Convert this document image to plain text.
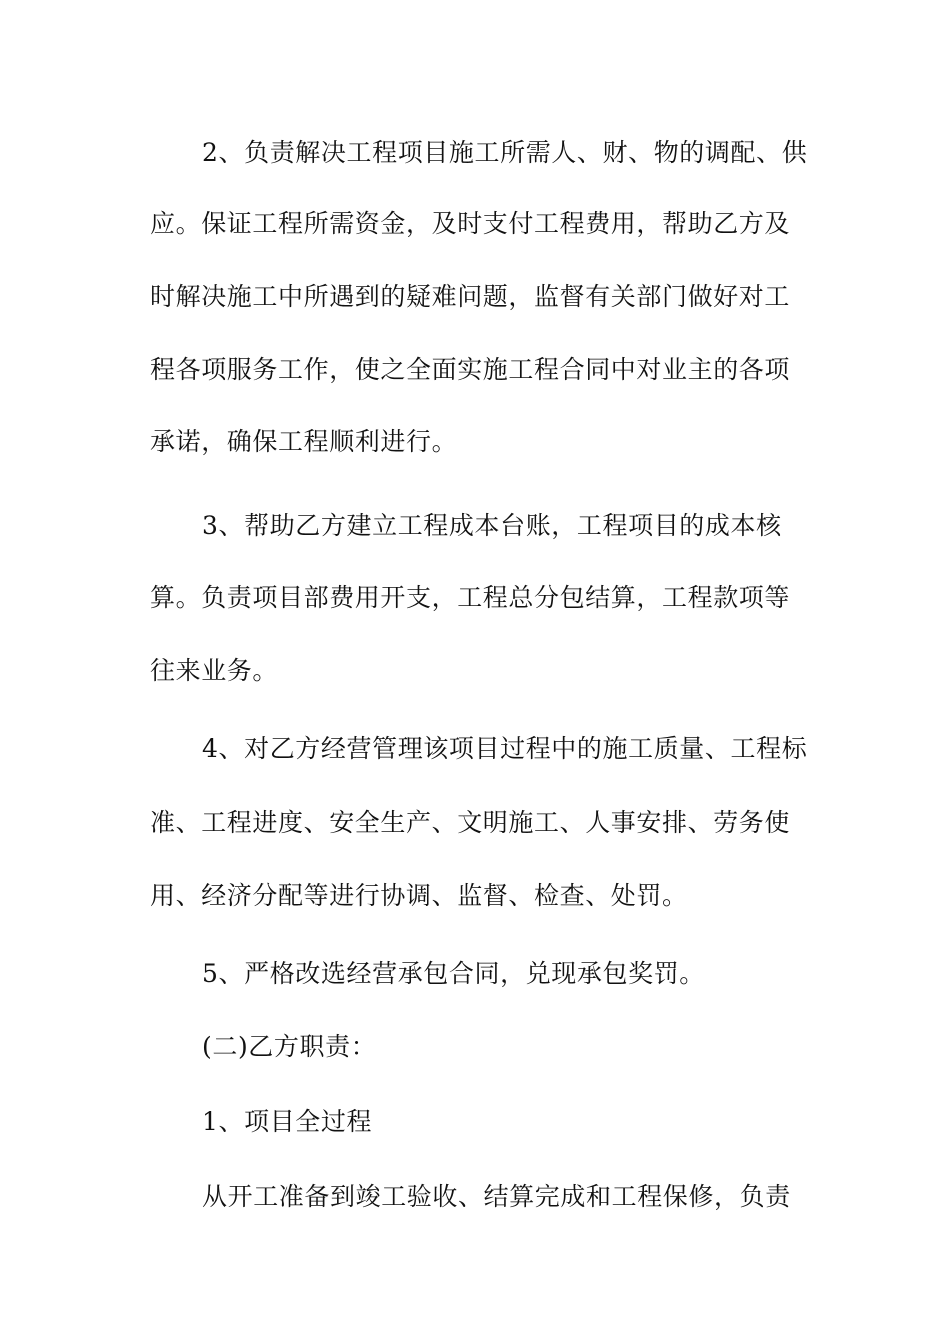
2、负责解决工程项目施工所需人、财、物的调配、供
应。保证工程所需资金，及时支付工程费用，帮助乙方及
时解决施工中所遇到的疑难问题，监督有关部门做好对工
程各项服务工作，使之全面实施工程合同中对业主的各项
承诺，确保工程顺利进行。
3、帮助乙方建立工程成本台账，工程项目的成本核
算。负责项目部费用开支，工程总分包结算，工程款项等
往来业务。
4、对乙方经营管理该项目过程中的施工质量、工程标
准、工程进度、安全生产、文明施工、人事安排、劳务使
用、经济分配等进行协调、监督、检查、处罚。
5、严格改选经营承包合同，兑现承包奖罚。
(二)乙方职责：
1、项目全过程
从开工准备到竣工验收、结算完成和工程保修，负责
